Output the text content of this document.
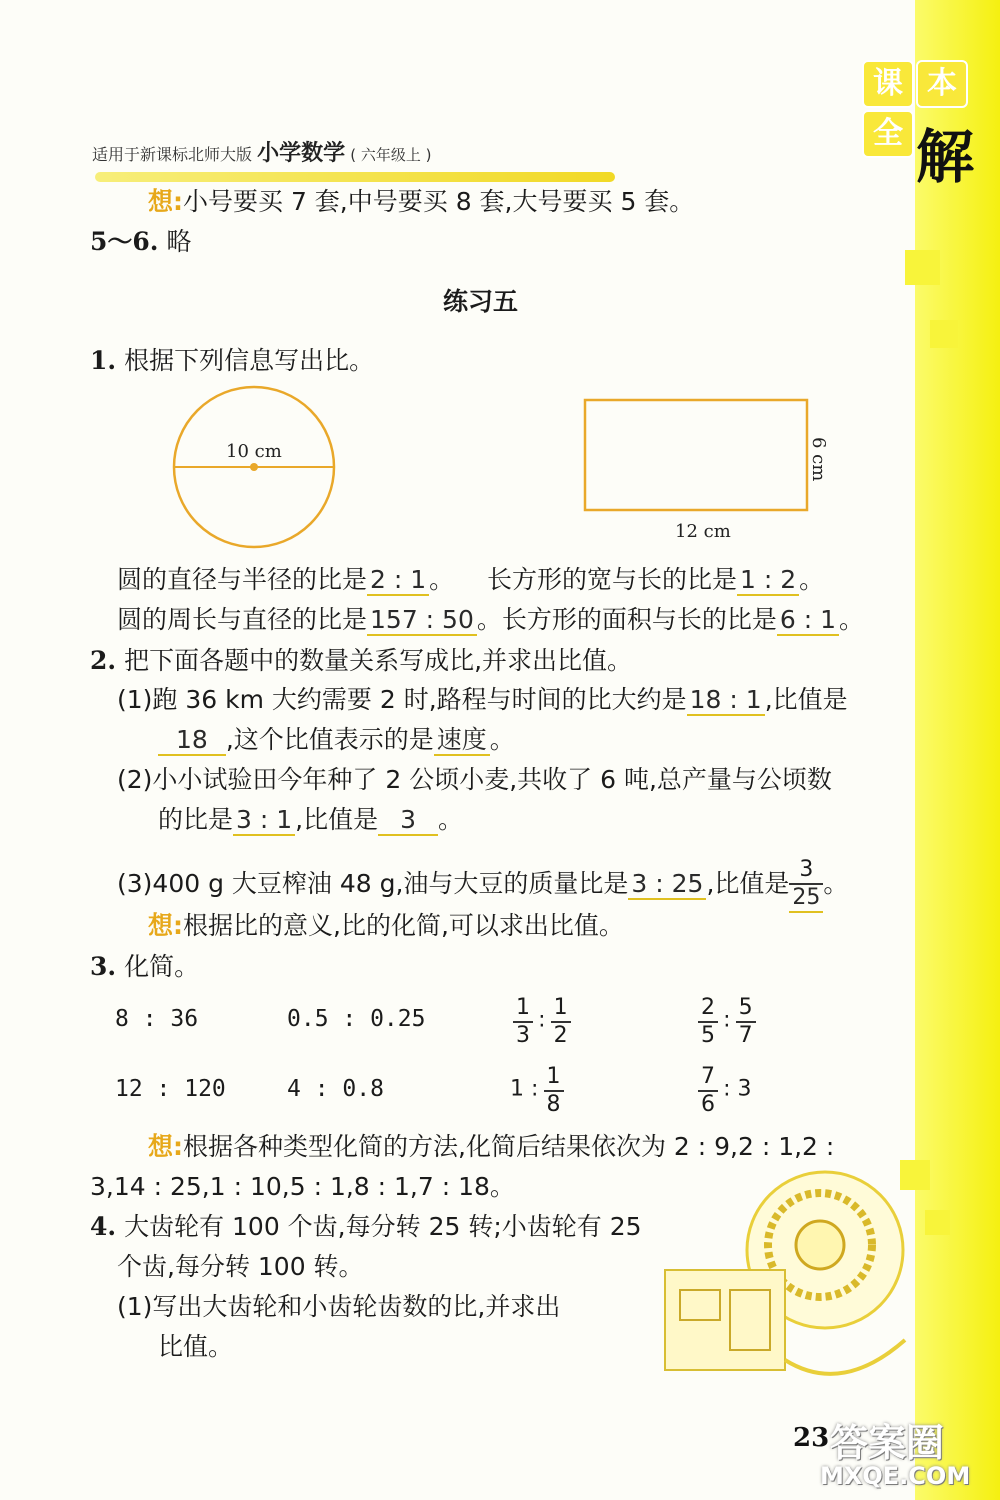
课 本
全 解
适用于新课标北师大版 小学数学 ( 六年级上 )
想:小号要买 7 套,中号要买 8 套,大号要买 5 套。
5～6. 略
练习五
1. 根据下列信息写出比。
10 cm
12 cm
6 cm
圆的直径与半径的比是 2 : 1 。 长方形的宽与长的比是 1 : 2 。
圆的周长与直径的比是 157 : 50 。长方形的面积与长的比是 6 : 1 。
2. 把下面各题中的数量关系写成比,并求出比值。
(1)跑 36 km 大约需要 2 时,路程与时间的比大约是 18 : 1 ,比值是
18 ,这个比值表示的是 速度 。
(2)小小试验田今年种了 2 公顷小麦,共收了 6 吨,总产量与公顷数
的比是 3 : 1 ,比值是 3 。
(3)400 g 大豆榨油 48 g,油与大豆的质量比是 3 : 25 ,比值是 $\frac{3}{25}$ 。
想:根据比的意义,比的化简,可以求出比值。
3. 化简。
8 : 36	0.5 : 0.25	$\frac{1}{3}$ : $\frac{1}{2}$	$\frac{2}{5}$ : $\frac{5}{7}$
12 : 120	4 : 0.8	1 : $\frac{1}{8}$	$\frac{7}{6}$ : 3
想:根据各种类型化简的方法,化简后结果依次为 2 : 9,2 : 1,2 :
3,14 : 25,1 : 10,5 : 1,8 : 1,7 : 18。
4. 大齿轮有 100 个齿,每分转 25 转;小齿轮有 25
个齿,每分转 100 转。
(1)写出大齿轮和小齿轮齿数的比,并求出
比值。
23 答案圈
MXQE.COM
